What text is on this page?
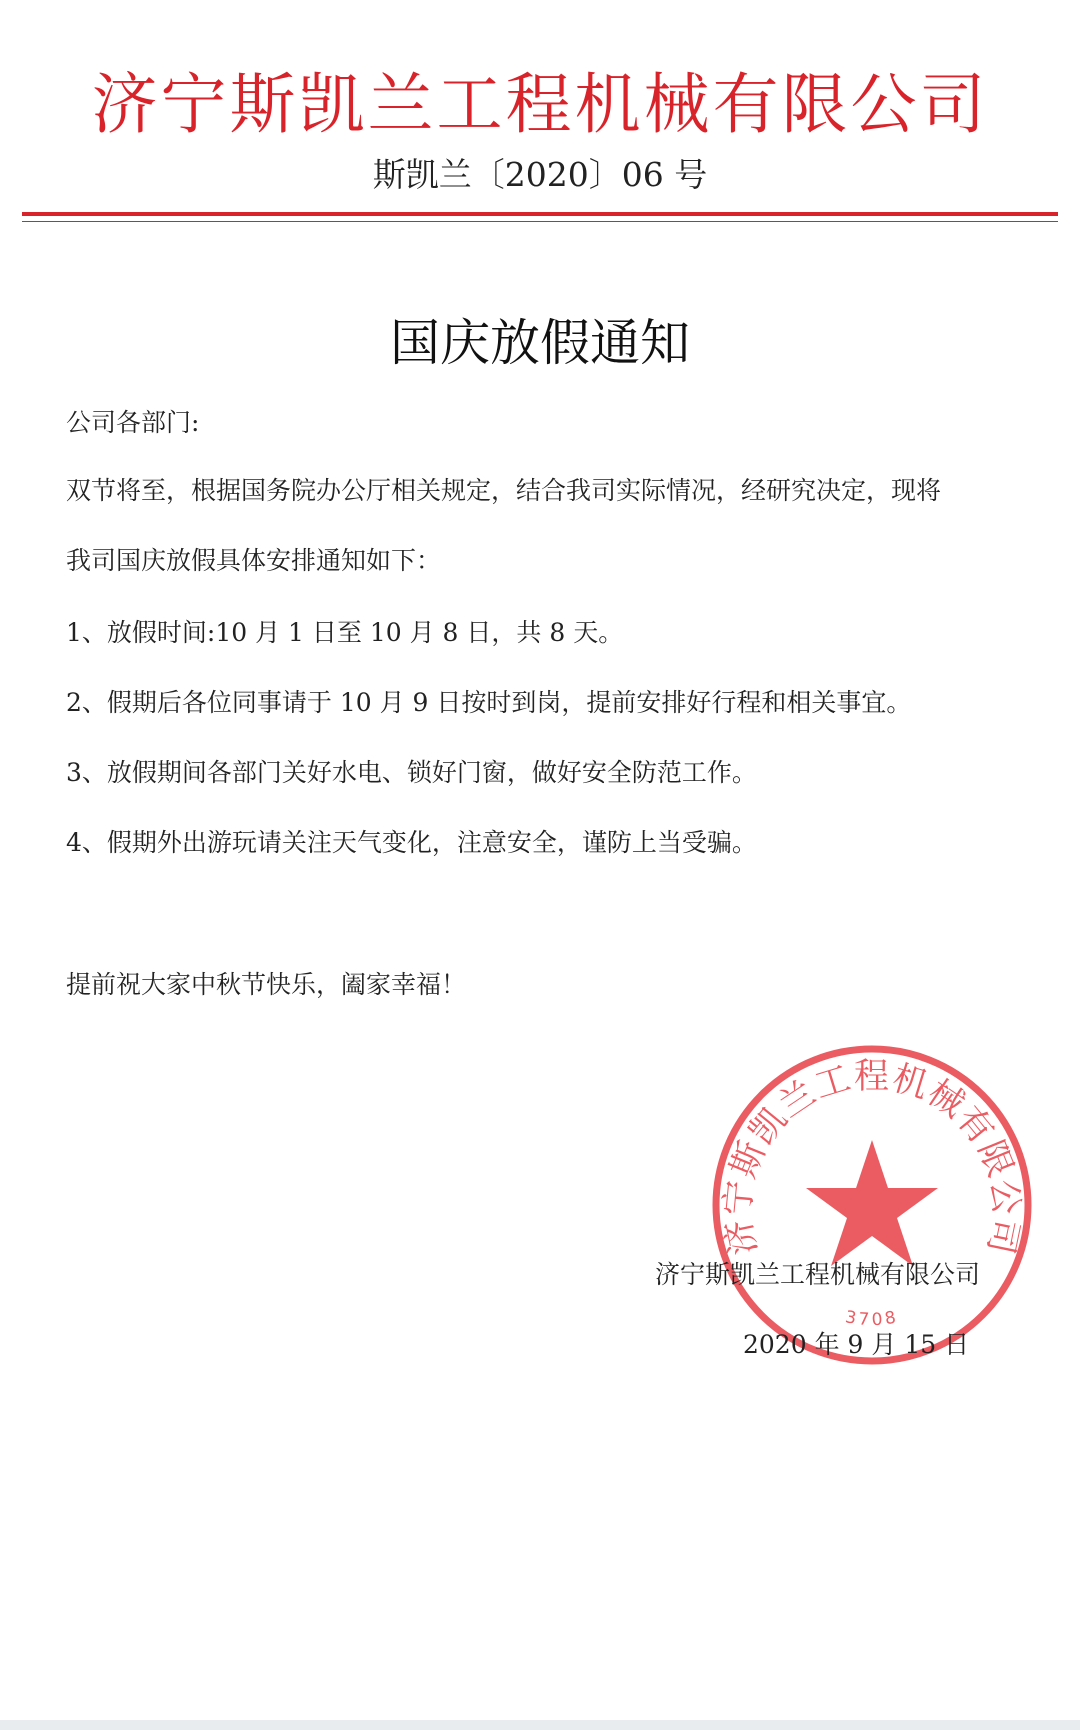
济宁斯凯兰工程机械有限公司
斯凯兰〔2020〕06 号
国庆放假通知
公司各部门:
双节将至，根据国务院办公厅相关规定，结合我司实际情况，经研究决定，现将
我司国庆放假具体安排通知如下：
1、放假时间:10 月 1 日至 10 月 8 日，共 8 天。
2、假期后各位同事请于 10 月 9 日按时到岗，提前安排好行程和相关事宜。
3、放假期间各部门关好水电、锁好门窗，做好安全防范工作。
4、假期外出游玩请关注天气变化，注意安全，谨防上当受骗。
提前祝大家中秋节快乐，阖家幸福！
济宁斯凯兰工程机械有限公司
3708
济宁斯凯兰工程机械有限公司
2020 年 9 月 15 日
